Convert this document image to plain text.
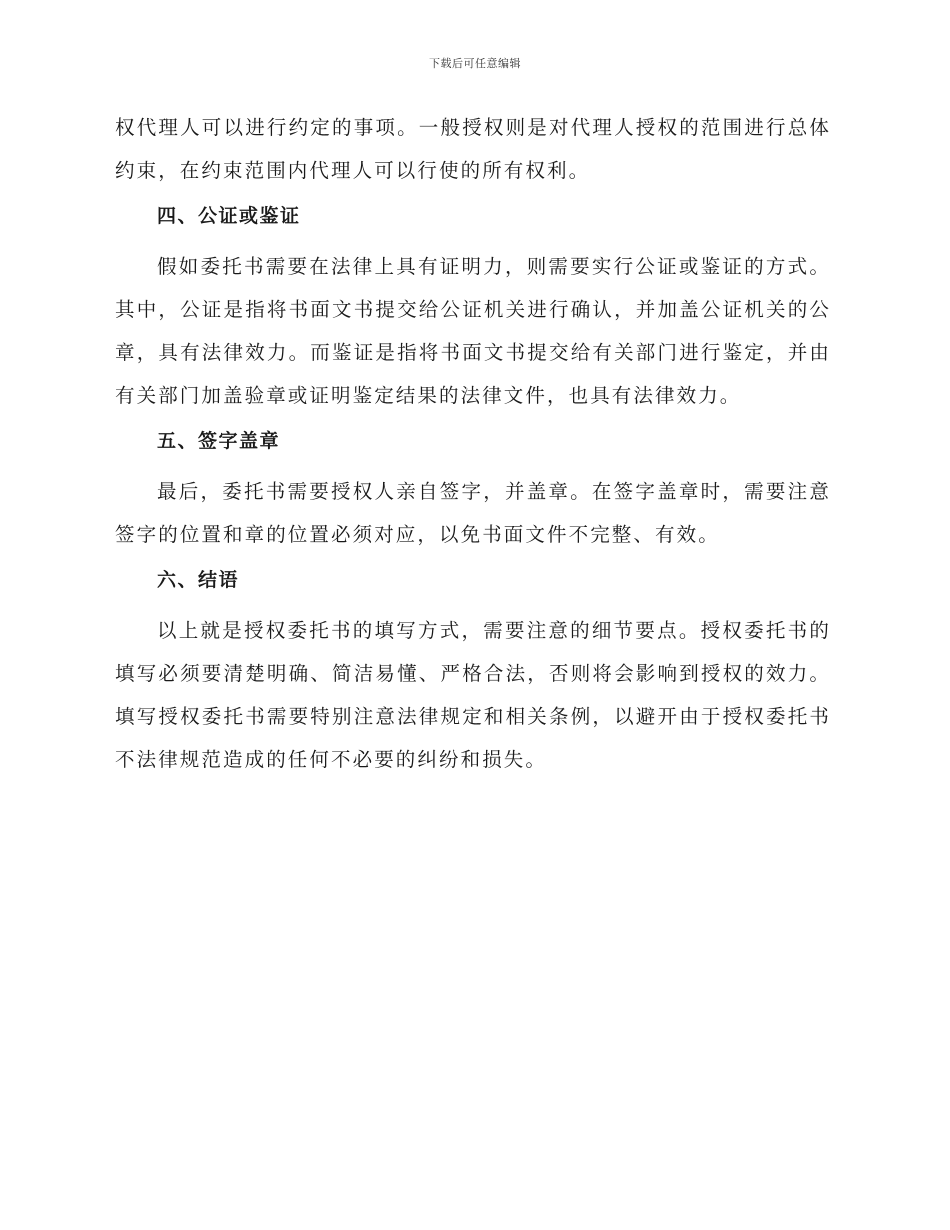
下载后可任意编辑

权代理人可以进行约定的事项。一般授权则是对代理人授权的范围进行总体约束，在约束范围内代理人可以行使的所有权利。

四、公证或鉴证

假如委托书需要在法律上具有证明力，则需要实行公证或鉴证的方式。其中，公证是指将书面文书提交给公证机关进行确认，并加盖公证机关的公章，具有法律效力。而鉴证是指将书面文书提交给有关部门进行鉴定，并由有关部门加盖验章或证明鉴定结果的法律文件，也具有法律效力。

五、签字盖章

最后，委托书需要授权人亲自签字，并盖章。在签字盖章时，需要注意签字的位置和章的位置必须对应，以免书面文件不完整、有效。

六、结语

以上就是授权委托书的填写方式，需要注意的细节要点。授权委托书的填写必须要清楚明确、简洁易懂、严格合法，否则将会影响到授权的效力。填写授权委托书需要特别注意法律规定和相关条例，以避开由于授权委托书不法律规范造成的任何不必要的纠纷和损失。
